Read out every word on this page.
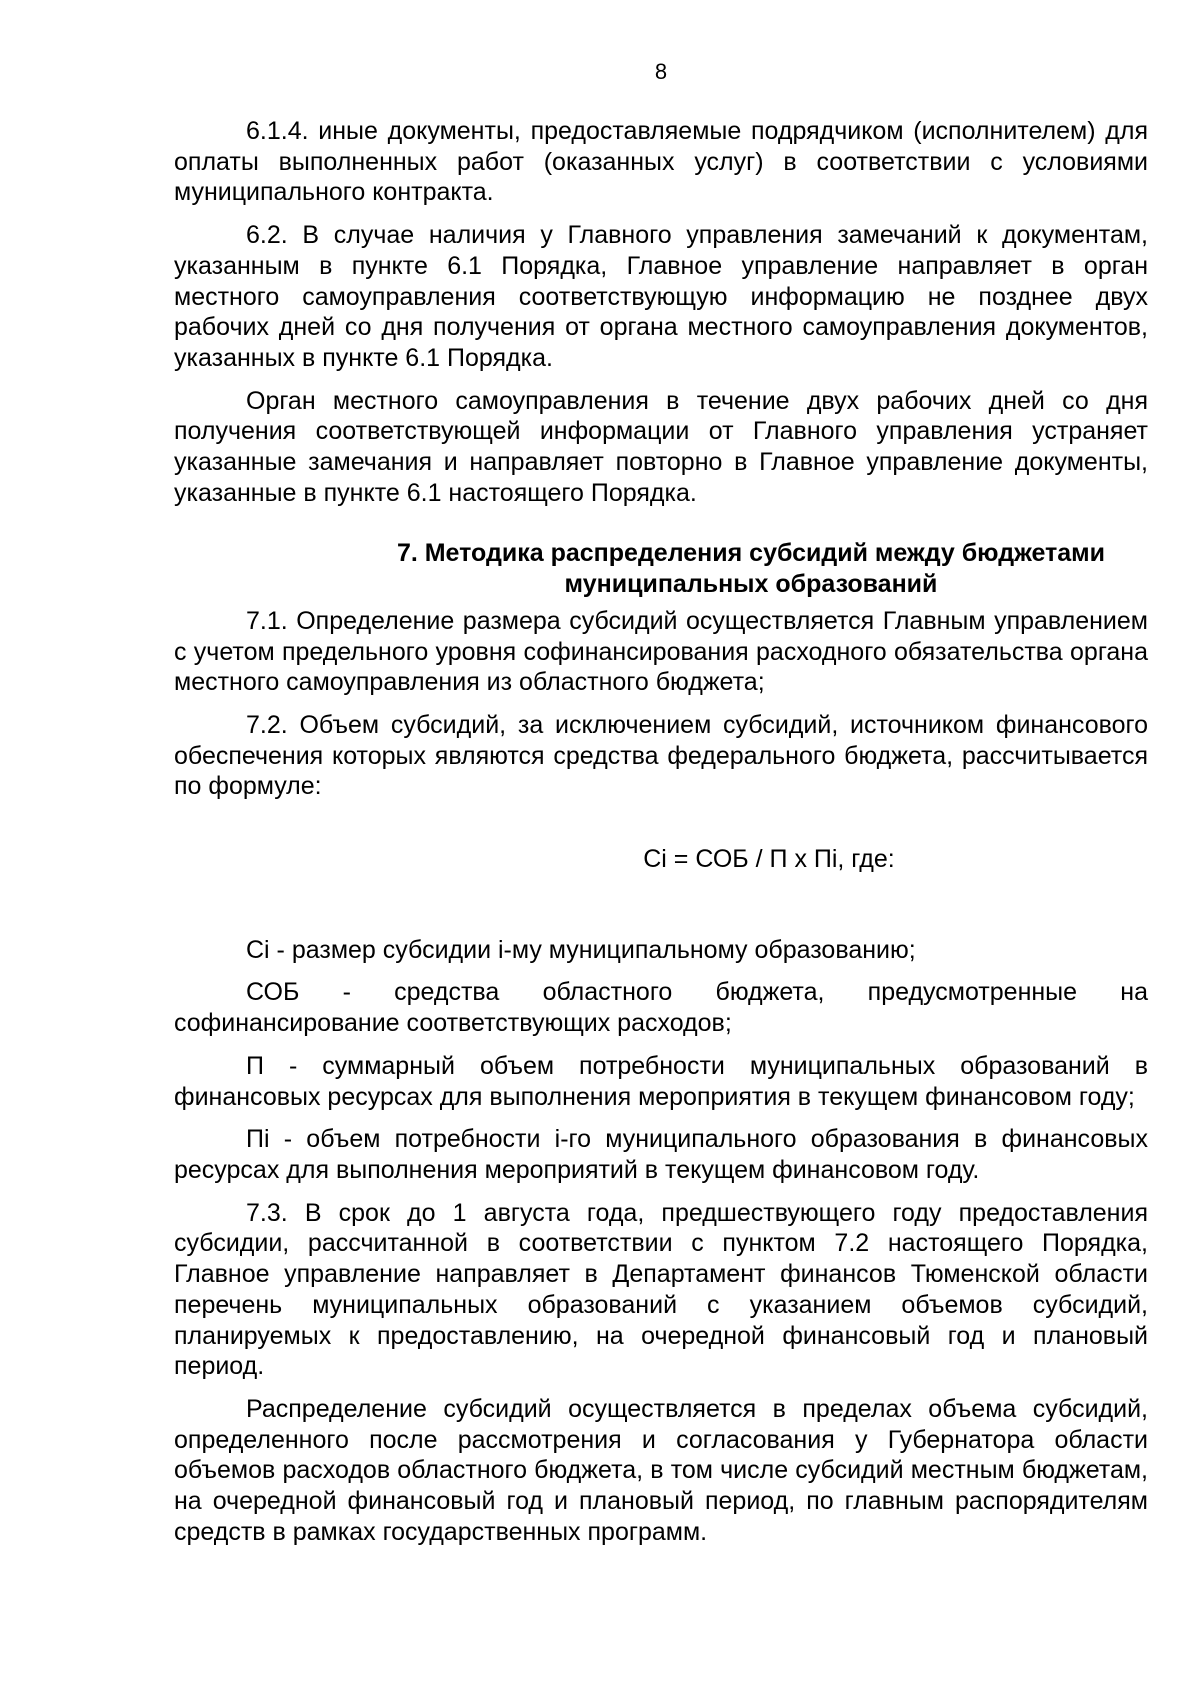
8

6.1.4. иные документы, предоставляемые подрядчиком (исполнителем) для оплаты выполненных работ (оказанных услуг) в соответствии с условиями муниципального контракта.

6.2. В случае наличия у Главного управления замечаний к документам, указанным в пункте 6.1 Порядка, Главное управление направляет в орган местного самоуправления соответствующую информацию не позднее двух рабочих дней со дня получения от органа местного самоуправления документов, указанных в пункте 6.1 Порядка.

Орган местного самоуправления в течение двух рабочих дней со дня получения соответствующей информации от Главного управления устраняет указанные замечания и направляет повторно в Главное управление документы, указанные в пункте 6.1 настоящего Порядка.

7. Методика распределения субсидий между бюджетами
муниципальных образований

7.1. Определение размера субсидий осуществляется Главным управлением с учетом предельного уровня софинансирования расходного обязательства органа местного самоуправления из областного бюджета;

7.2. Объем субсидий, за исключением субсидий, источником финансового обеспечения которых являются средства федерального бюджета, рассчитывается по формуле:

Сi = СОБ / П х Пi, где:

Сi - размер субсидии i-му муниципальному образованию;

СОБ - средства областного бюджета, предусмотренные на софинансирование соответствующих расходов;

П - суммарный объем потребности муниципальных образований в финансовых ресурсах для выполнения мероприятия в текущем финансовом году;

Пi - объем потребности i-го муниципального образования в финансовых ресурсах для выполнения мероприятий в текущем финансовом году.

7.3. В срок до 1 августа года, предшествующего году предоставления субсидии, рассчитанной в соответствии с пунктом 7.2 настоящего Порядка, Главное управление направляет в Департамент финансов Тюменской области перечень муниципальных образований с указанием объемов субсидий, планируемых к предоставлению, на очередной финансовый год и плановый период.

Распределение субсидий осуществляется в пределах объема субсидий, определенного после рассмотрения и согласования у Губернатора области объемов расходов областного бюджета, в том числе субсидий местным бюджетам, на очередной финансовый год и плановый период, по главным распорядителям средств в рамках государственных программ.
